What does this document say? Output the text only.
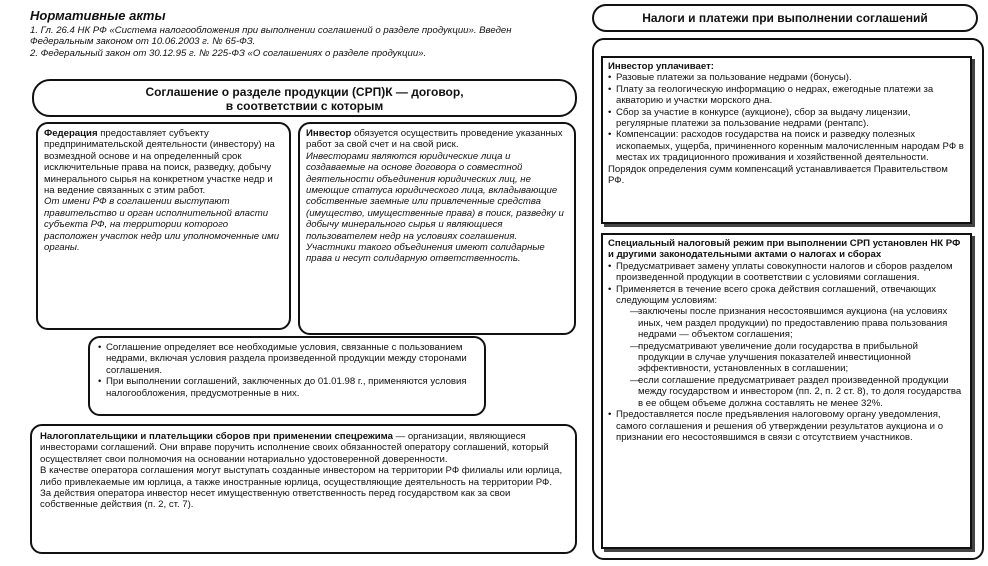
Нормативные акты

1. Гл. 26.4 НК РФ «Система налогообложения при выполнении соглашений о разделе продукции». Введен Федеральным законом от 10.06.2003 г. № 65-ФЗ.

2. Федеральный закон от 30.12.95 г. № 225-ФЗ «О соглашениях о разделе продукции».

Соглашение о разделе продукции (СРП)К — договор, в соответствии с которым

Федерация предоставляет субъекту предпринимательской деятельности (инвестору) на возмездной основе и на определенный срок исключительные права на поиск, разведку, добычу минерального сырья на конкретном участке недр и на ведение связанных с этим работ.

От имени РФ в соглашении выступают правительство и орган исполнительной власти субъекта РФ, на территории которого расположен участок недр или уполномоченные ими органы.

Инвестор обязуется осуществить проведение указанных работ за свой счет и на свой риск.

Инвесторами являются юридические лица и создаваемые на основе договора о совместной деятельности объединения юридических лиц, не имеющие статуса юридического лица, вкладывающие собственные заемные или привлеченные средства (имущество, имущественные права) в поиск, разведку и добычу минерального сырья и являющиеся пользователем недр на условиях соглашения.

Участники такого объединения имеют солидарные права и несут солидарную ответственность.

• Соглашение определяет все необходимые условия, связанные с пользованием недрами, включая условия раздела произведенной продукции между сторонами соглашения.
• При выполнении соглашений, заключенных до 01.01.98 г., применяются условия налогообложения, предусмотренные в них.

Налогоплательщики и плательщики сборов при применении спецрежима — организации, являющиеся инвесторами соглашений. Они вправе поручить исполнение своих обязанностей оператору соглашений, который осуществляет свои полномочия на основании нотариально удостоверенной доверенности.

В качестве оператора соглашения могут выступать созданные инвестором на территории РФ филиалы или юрлица, либо привлекаемые им юрлица, а также иностранные юрлица, осуществляющие деятельность на территории РФ.

За действия оператора инвестор несет имущественную ответственность перед государством как за свои собственные действия (п. 2, ст. 7).

Налоги и платежи при выполнении соглашений
Инвестор уплачивает:
• Разовые платежи за пользование недрами (бонусы).
• Плату за геологическую информацию о недрах, ежегодные платежи за акваторию и участки морского дна.
• Сбор за участие в конкурсе (аукционе), сбор за выдачу лицензии, регулярные платежи за пользование недрами (рентапс).
• Компенсации: расходов государства на поиск и разведку полезных ископаемых, ущерба, причиненного коренным малочисленным народам РФ в местах их традиционного проживания и хозяйственной деятельности.

Порядок определения сумм компенсаций устанавливается Правительством РФ.

Специальный налоговый режим при выполнении СРП установлен НК РФ и другими законодательными актами о налогах и сборах
• Предусматривает замену уплаты совокупности налогов и сборов разделом произведенной продукции в соответствии с условиями соглашения.
• Применяется в течение всего срока действия соглашений, отвечающих следующим условиям:
— заключены после признания несостоявшимся аукциона (на условиях иных, чем раздел продукции) по предоставлению права пользования недрами — объектом соглашения;
— предусматривают увеличение доли государства в прибыльной продукции в случае улучшения показателей инвестиционной эффективности, установленных в соглашении;
— если соглашение предусматривает раздел произведенной продукции между государством и инвестором (пп. 2, п. 2 ст. 8), то доля государства в ее общем объеме должна составлять не менее 32%.
• Предоставляется после предъявления налоговому органу уведомления, самого соглашения и решения об утверждении результатов аукциона и о признании его несостоявшимся в связи с отсутствием участников.
